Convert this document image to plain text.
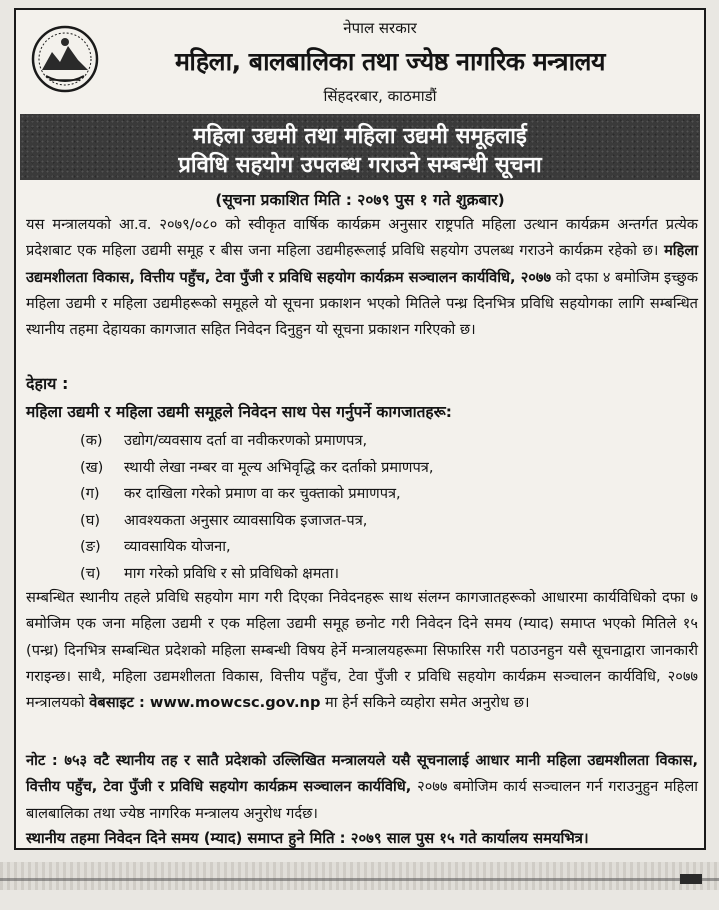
नेपाल सरकार
महिला, बालबालिका तथा ज्येष्ठ नागरिक मन्त्रालय
सिंहदरबार, काठमाडौं
महिला उद्यमी तथा महिला उद्यमी समूहलाई
प्रविधि सहयोग उपलब्ध गराउने सम्बन्धी सूचना
(सूचना प्रकाशित मिति : २०७९ पुस १ गते शुक्रबार)
यस मन्त्रालयको आ.व. २०७९/०८० को स्वीकृत वार्षिक कार्यक्रम अनुसार राष्ट्रपति महिला उत्थान कार्यक्रम अन्तर्गत प्रत्येक प्रदेशबाट एक महिला उद्यमी समूह र बीस जना महिला उद्यमीहरूलाई प्रविधि सहयोग उपलब्ध गराउने कार्यक्रम रहेको छ। महिला उद्यमशीलता विकास, वित्तीय पहुँच, टेवा पुँजी र प्रविधि सहयोग कार्यक्रम सञ्चालन कार्यविधि, २०७७ को दफा ४ बमोजिम इच्छुक महिला उद्यमी र महिला उद्यमीहरूको समूहले यो सूचना प्रकाशन भएको मितिले पन्ध्र दिनभित्र प्रविधि सहयोगका लागि सम्बन्धित स्थानीय तहमा देहायका कागजात सहित निवेदन दिनुहुन यो सूचना प्रकाशन गरिएको छ।
देहाय :
महिला उद्यमी र महिला उद्यमी समूहले निवेदन साथ पेस गर्नुपर्ने कागजातहरू:
(क) उद्योग/व्यवसाय दर्ता वा नवीकरणको प्रमाणपत्र,
(ख) स्थायी लेखा नम्बर वा मूल्य अभिवृद्धि कर दर्ताको प्रमाणपत्र,
(ग) कर दाखिला गरेको प्रमाण वा कर चुक्ताको प्रमाणपत्र,
(घ) आवश्यकता अनुसार व्यावसायिक इजाजत-पत्र,
(ङ) व्यावसायिक योजना,
(च) माग गरेको प्रविधि र सो प्रविधिको क्षमता।
सम्बन्धित स्थानीय तहले प्रविधि सहयोग माग गरी दिएका निवेदनहरू साथ संलग्न कागजातहरूको आधारमा कार्यविधिको दफा ७ बमोजिम एक जना महिला उद्यमी र एक महिला उद्यमी समूह छनोट गरी निवेदन दिने समय (म्याद) समाप्त भएको मितिले १५ (पन्ध्र) दिनभित्र सम्बन्धित प्रदेशको महिला सम्बन्धी विषय हेर्ने मन्त्रालयहरूमा सिफारिस गरी पठाउनहुन यसै सूचनाद्वारा जानकारी गराइन्छ। साथै, महिला उद्यमशीलता विकास, वित्तीय पहुँच, टेवा पुँजी र प्रविधि सहयोग कार्यक्रम सञ्चालन कार्यविधि, २०७७ मन्त्रालयको वेबसाइट : www.mowcsc.gov.np मा हेर्न सकिने व्यहोरा समेत अनुरोध छ।
नोट : ७५३ वटै स्थानीय तह र सातै प्रदेशको उल्लिखित मन्त्रालयले यसै सूचनालाई आधार मानी महिला उद्यमशीलता विकास, वित्तीय पहुँच, टेवा पुँजी र प्रविधि सहयोग कार्यक्रम सञ्चालन कार्यविधि, २०७७ बमोजिम कार्य सञ्चालन गर्न गराउनुहुन महिला बालबालिका तथा ज्येष्ठ नागरिक मन्त्रालय अनुरोध गर्दछ।
स्थानीय तहमा निवेदन दिने समय (म्याद) समाप्त हुने मिति : २०७९ साल पुस १५ गते कार्यालय समयभित्र।
